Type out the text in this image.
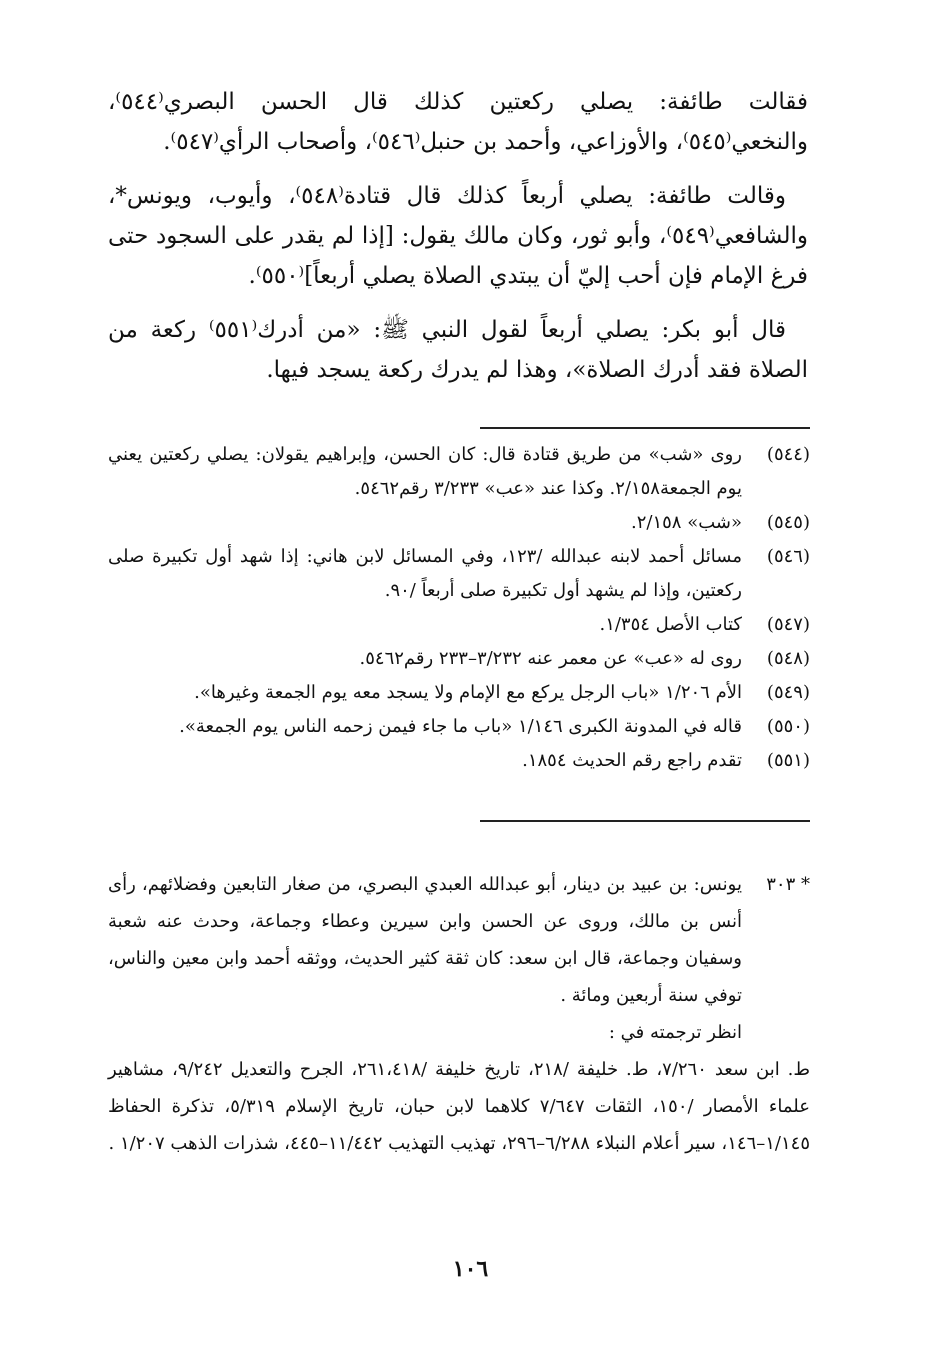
فقالت طائفة: يصلي ركعتين كذلك قال الحسن البصري⁽٥٤٤⁾، والنخعي⁽٥٤٥⁾، والأوزاعي، وأحمد بن حنبل⁽٥٤٦⁾، وأصحاب الرأي⁽٥٤٧⁾.

وقالت طائفة: يصلي أربعاً كذلك قال قتادة⁽٥٤٨⁾، وأيوب، ويونس*، والشافعي⁽٥٤٩⁾، وأبو ثور، وكان مالك يقول: [إذا لم يقدر على السجود حتى فرغ الإمام فإن أحب إليّ أن يبتدي الصلاة يصلي أربعاً]⁽٥٥٠⁾.

قال أبو بكر: يصلي أربعاً لقول النبي ﷺ: «من أدرك⁽٥٥١⁾ ركعة من الصلاة فقد أدرك الصلاة»، وهذا لم يدرك ركعة يسجد فيها.

(٥٤٤)
روى «شب» من طريق قتادة قال: كان الحسن، وإبراهيم يقولان: يصلي ركعتين يعني يوم الجمعة٢/١٥٨. وكذا عند «عب» ٣/٢٣٣ رقم٥٤٦٢.
(٥٤٥)
«شب» ٢/١٥٨.
(٥٤٦)
مسائل أحمد لابنه عبدالله /١٢٣، وفي المسائل لابن هاني: إذا شهد أول تكبيرة صلى ركعتين، وإذا لم يشهد أول تكبيرة صلى أربعاً /٩٠.
(٥٤٧)
كتاب الأصل ١/٣٥٤.
(٥٤٨)
روى له «عب» عن معمر عنه ٣/٢٣٢–٢٣٣ رقم٥٤٦٢.
(٥٤٩)
الأم ١/٢٠٦ «باب الرجل يركع مع الإمام ولا يسجد معه يوم الجمعة وغيرها».
(٥٥٠)
قاله في المدونة الكبرى ١/١٤٦ «باب ما جاء فيمن زحمه الناس يوم الجمعة».
(٥٥١)
تقدم راجع رقم الحديث ١٨٥٤.
* ٣٠٣

يونس: بن عبيد بن دينار، أبو عبدالله العبدي البصري، من صغار التابعين وفضلائهم، رأى أنس بن مالك، وروى عن الحسن وابن سيرين وعطاء وجماعة، وحدث عنه شعبة وسفيان وجماعة، قال ابن سعد: كان ثقة كثير الحديث، ووثقه أحمد وابن معين والناس، توفي سنة أربعين ومائة .

انظر ترجمته في :

ط. ابن سعد ٧/٢٦٠، ط. خليفة /٢١٨، تاريخ خليفة /٢٦١،٤١٨، الجرح والتعديل ٩/٢٤٢، مشاهير علماء الأمصار /١٥٠، الثقات ٧/٦٤٧ كلاهما لابن حبان، تاريخ الإسلام ٥/٣١٩، تذكرة الحفاظ ١/١٤٥–١٤٦، سير أعلام النبلاء ٦/٢٨٨–٢٩٦، تهذيب التهذيب ١١/٤٤٢–٤٤٥، شذرات الذهب ١/٢٠٧ .

١٠٦
